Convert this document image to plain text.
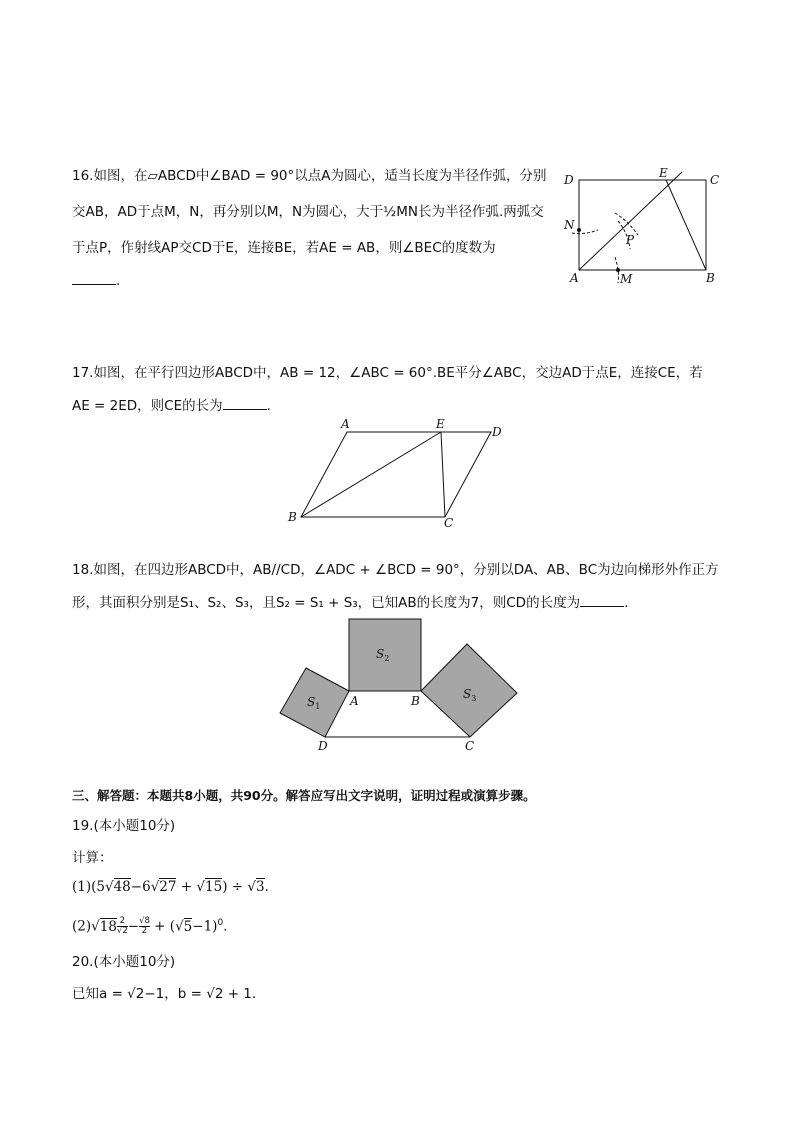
16.如图，在▱ABCD中∠BAD = 90°以点A为圆心，适当长度为半径作弧，分别
交AB，AD于点M，N，再分别以M，N为圆心，大于½MN长为半径作弧.两弧交
于点P，作射线AP交CD于E，连接BE，若AE = AB，则∠BEC的度数为
.
D	E	C
N
P
A	M	B
17.如图，在平行四边形ABCD中，AB = 12，∠ABC = 60°.BE平分∠ABC，交边AD于点E，连接CE，若
AE = 2ED，则CE的长为	.
A	E
D
B	C
18.如图，在四边形ABCD中，AB//CD，∠ADC + ∠BCD = 90°，分别以DA、AB、BC为边向梯形外作正方
形，其面积分别是S₁、S₂、S₃，且S₂ = S₁ + S₃，已知AB的长度为7，则CD的长度为	.
$S_2$
$S_1$
$S_3$
A	B
D	C
三、解答题：本题共8小题，共90分。解答应写出文字说明，证明过程或演算步骤。
19.(本小题10分)
计算：
(1)(5√48−6√27 + √15) ÷ √3.
$(2)√18 \frac{2}{√2} - \frac{√8}{2} + (√5-1)^0$.
20.(本小题10分)
已知a = √2−1，b = √2 + 1.
